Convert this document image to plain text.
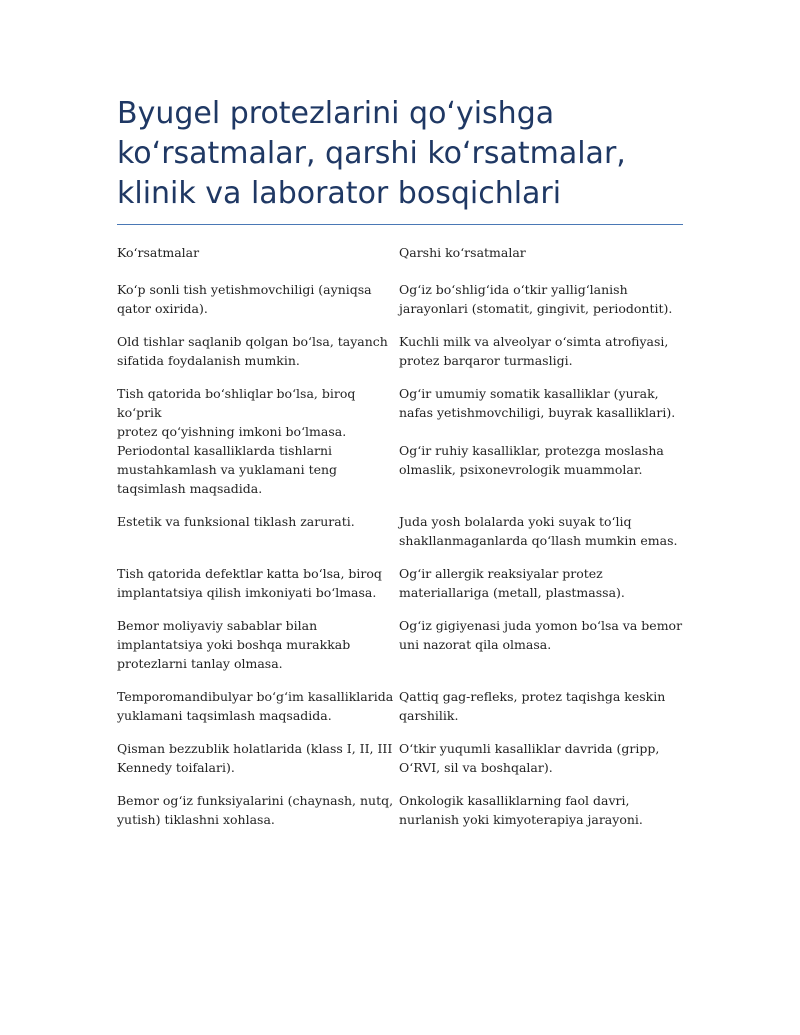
Byugel protezlarini qo‘yishga ko‘rsatmalar, qarshi ko‘rsatmalar, klinik va laborator bosqichlari
Ko‘rsatmalar	Qarshi ko‘rsatmalar
Ko‘p sonli tish yetishmovchiligi (ayniqsa
qator oxirida).
Og‘iz bo‘shlig‘ida o‘tkir yallig‘lanish
jarayonlari (stomatit, gingivit, periodontit).
Old tishlar saqlanib qolgan bo‘lsa, tayanch
sifatida foydalanish mumkin.
Kuchli milk va alveolyar o‘simta atrofiyasi,
protez barqaror turmasligi.
Tish qatorida bo‘shliqlar bo‘lsa, biroq ko‘prik
protez qo‘yishning imkoni bo‘lmasa.
Og‘ir umumiy somatik kasalliklar (yurak,
nafas yetishmovchiligi, buyrak kasalliklari).
Periodontal kasalliklarda tishlarni
mustahkamlash va yuklamani teng
taqsimlash maqsadida.
Og‘ir ruhiy kasalliklar, protezga moslasha
olmaslik, psixonevrologik muammolar.
Estetik va funksional tiklash zarurati.	Juda yosh bolalarda yoki suyak to‘liq
shakllanmaganlarda qo‘llash mumkin emas.
Tish qatorida defektlar katta bo‘lsa, biroq
implantatsiya qilish imkoniyati bo‘lmasa.
Og‘ir allergik reaksiyalar protez
materiallariga (metall, plastmassa).
Bemor moliyaviy sabablar bilan
implantatsiya yoki boshqa murakkab
protezlarni tanlay olmasa.
Og‘iz gigiyenasi juda yomon bo‘lsa va bemor
uni nazorat qila olmasa.
Temporomandibulyar bo‘g‘im kasalliklarida
yuklamani taqsimlash maqsadida.
Qattiq gag-refleks, protez taqishga keskin
qarshilik.
Qisman bezzublik holatlarida (klass I, II, III
Kennedy toifalari).
O‘tkir yuqumli kasalliklar davrida (gripp,
O‘RVI, sil va boshqalar).
Bemor og‘iz funksiyalarini (chaynash, nutq,
yutish) tiklashni xohlasa.
Onkologik kasalliklarning faol davri,
nurlanish yoki kimyoterapiya jarayoni.
